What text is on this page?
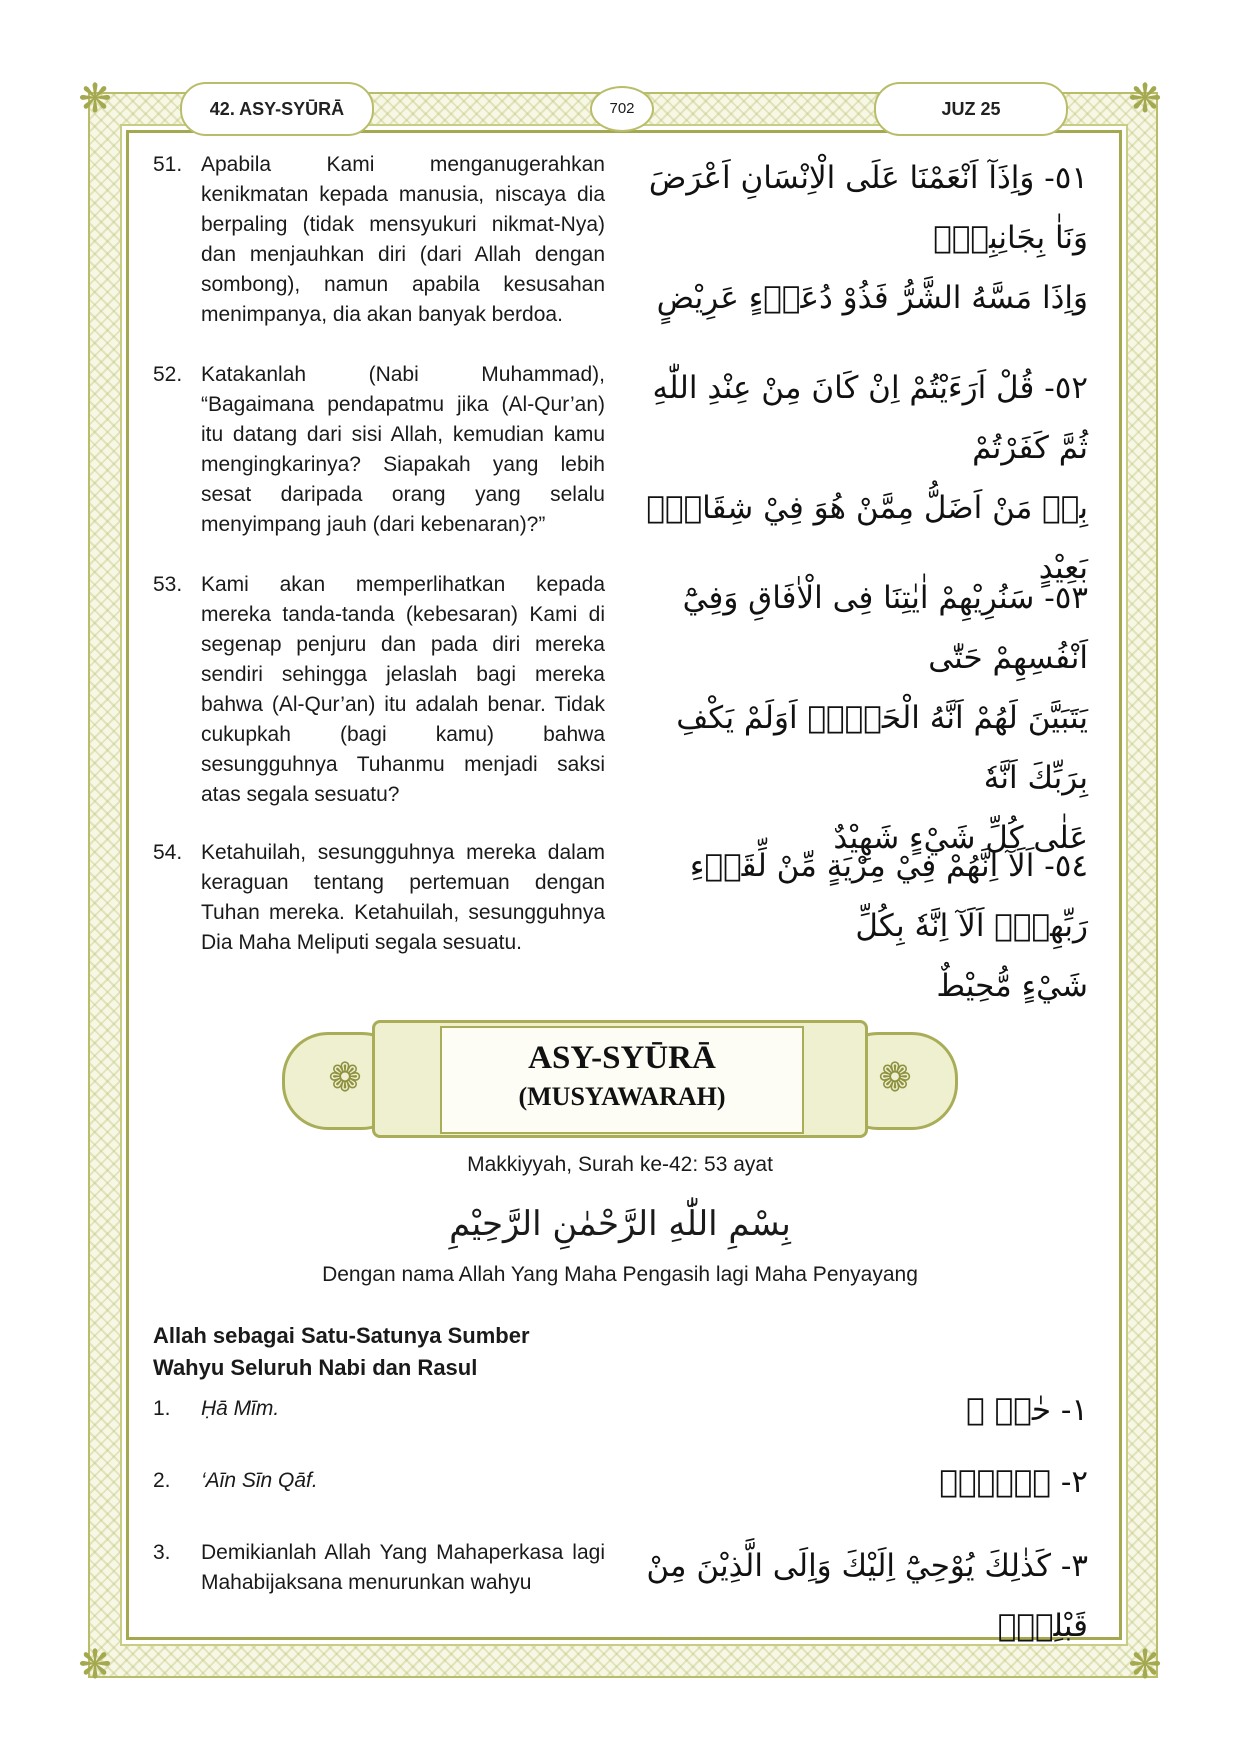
❋	❋
❋	❋
42. ASY-SYŪRĀ	702	JUZ 25
51. Apabila Kami menganugerahkan kenikmatan kepada manusia, niscaya dia berpaling (tidak mensyukuri nikmat-Nya) dan menjauhkan diri (dari Allah dengan sombong), namun apabila kesusahan menimpanya, dia akan banyak berdoa.
٥١- وَاِذَآ اَنْعَمْنَا عَلَى الْاِنْسَانِ اَعْرَضَ وَنَاٰ بِجَانِبِهٖۚ
وَاِذَا مَسَّهُ الشَّرُّ فَذُوْ دُعَاۤءٍ عَرِيْضٍ
52. Katakanlah (Nabi Muhammad), “Bagaimana pendapatmu jika (Al-Qur’an) itu datang dari sisi Allah, kemudian kamu mengingkarinya? Siapakah yang lebih sesat daripada orang yang selalu menyimpang jauh (dari kebenaran)?”
٥٢- قُلْ اَرَءَيْتُمْ اِنْ كَانَ مِنْ عِنْدِ اللّٰهِ ثُمَّ كَفَرْتُمْ
بِهٖ مَنْ اَضَلُّ مِمَّنْ هُوَ فِيْ شِقَاقٍۢ بَعِيْدٍ
53. Kami akan memperlihatkan kepada mereka tanda-tanda (kebesaran) Kami di segenap penjuru dan pada diri mereka sendiri sehingga jelaslah bagi mereka bahwa (Al-Qur’an) itu adalah benar. Tidak cukupkah (bagi kamu) bahwa sesungguhnya Tuhanmu menjadi saksi atas segala sesuatu?
٥٣- سَنُرِيْهِمْ اٰيٰتِنَا فِى الْاٰفَاقِ وَفِيْٓ اَنْفُسِهِمْ حَتّٰى
يَتَبَيَّنَ لَهُمْ اَنَّهُ الْحَقُّۗ اَوَلَمْ يَكْفِ بِرَبِّكَ اَنَّهٗ
عَلٰى كُلِّ شَيْءٍ شَهِيْدٌ
54. Ketahuilah, sesungguhnya mereka dalam keraguan tentang pertemuan dengan Tuhan mereka. Ketahuilah, sesungguhnya Dia Maha Meliputi segala sesuatu.
٥٤- اَلَآ اِنَّهُمْ فِيْ مِرْيَةٍ مِّنْ لِّقَاۤءِ رَبِّهِمْۗ اَلَآ اِنَّهٗ بِكُلِّ
شَيْءٍ مُّحِيْطٌ
❁	❁
ASY-SYŪRĀ
(MUSYAWARAH)
Makkiyyah, Surah ke-42: 53 ayat
بِسْمِ اللّٰهِ الرَّحْمٰنِ الرَّحِيْمِ
Dengan nama Allah Yang Maha Pengasih lagi Maha Penyayang
Allah sebagai Satu-Satunya Sumber
Wahyu Seluruh Nabi dan Rasul
1. Ḥā Mīm.	١- حٰمۤ ۚ
2. ‘Aīn Sīn Qāf.	٢- عۤسۤقۤ
3. Demikianlah Allah Yang Mahaperkasa lagi Mahabijaksana menurunkan wahyu	٣- كَذٰلِكَ يُوْحِيْٓ اِلَيْكَ وَاِلَى الَّذِيْنَ مِنْ قَبْلِكَۙ
